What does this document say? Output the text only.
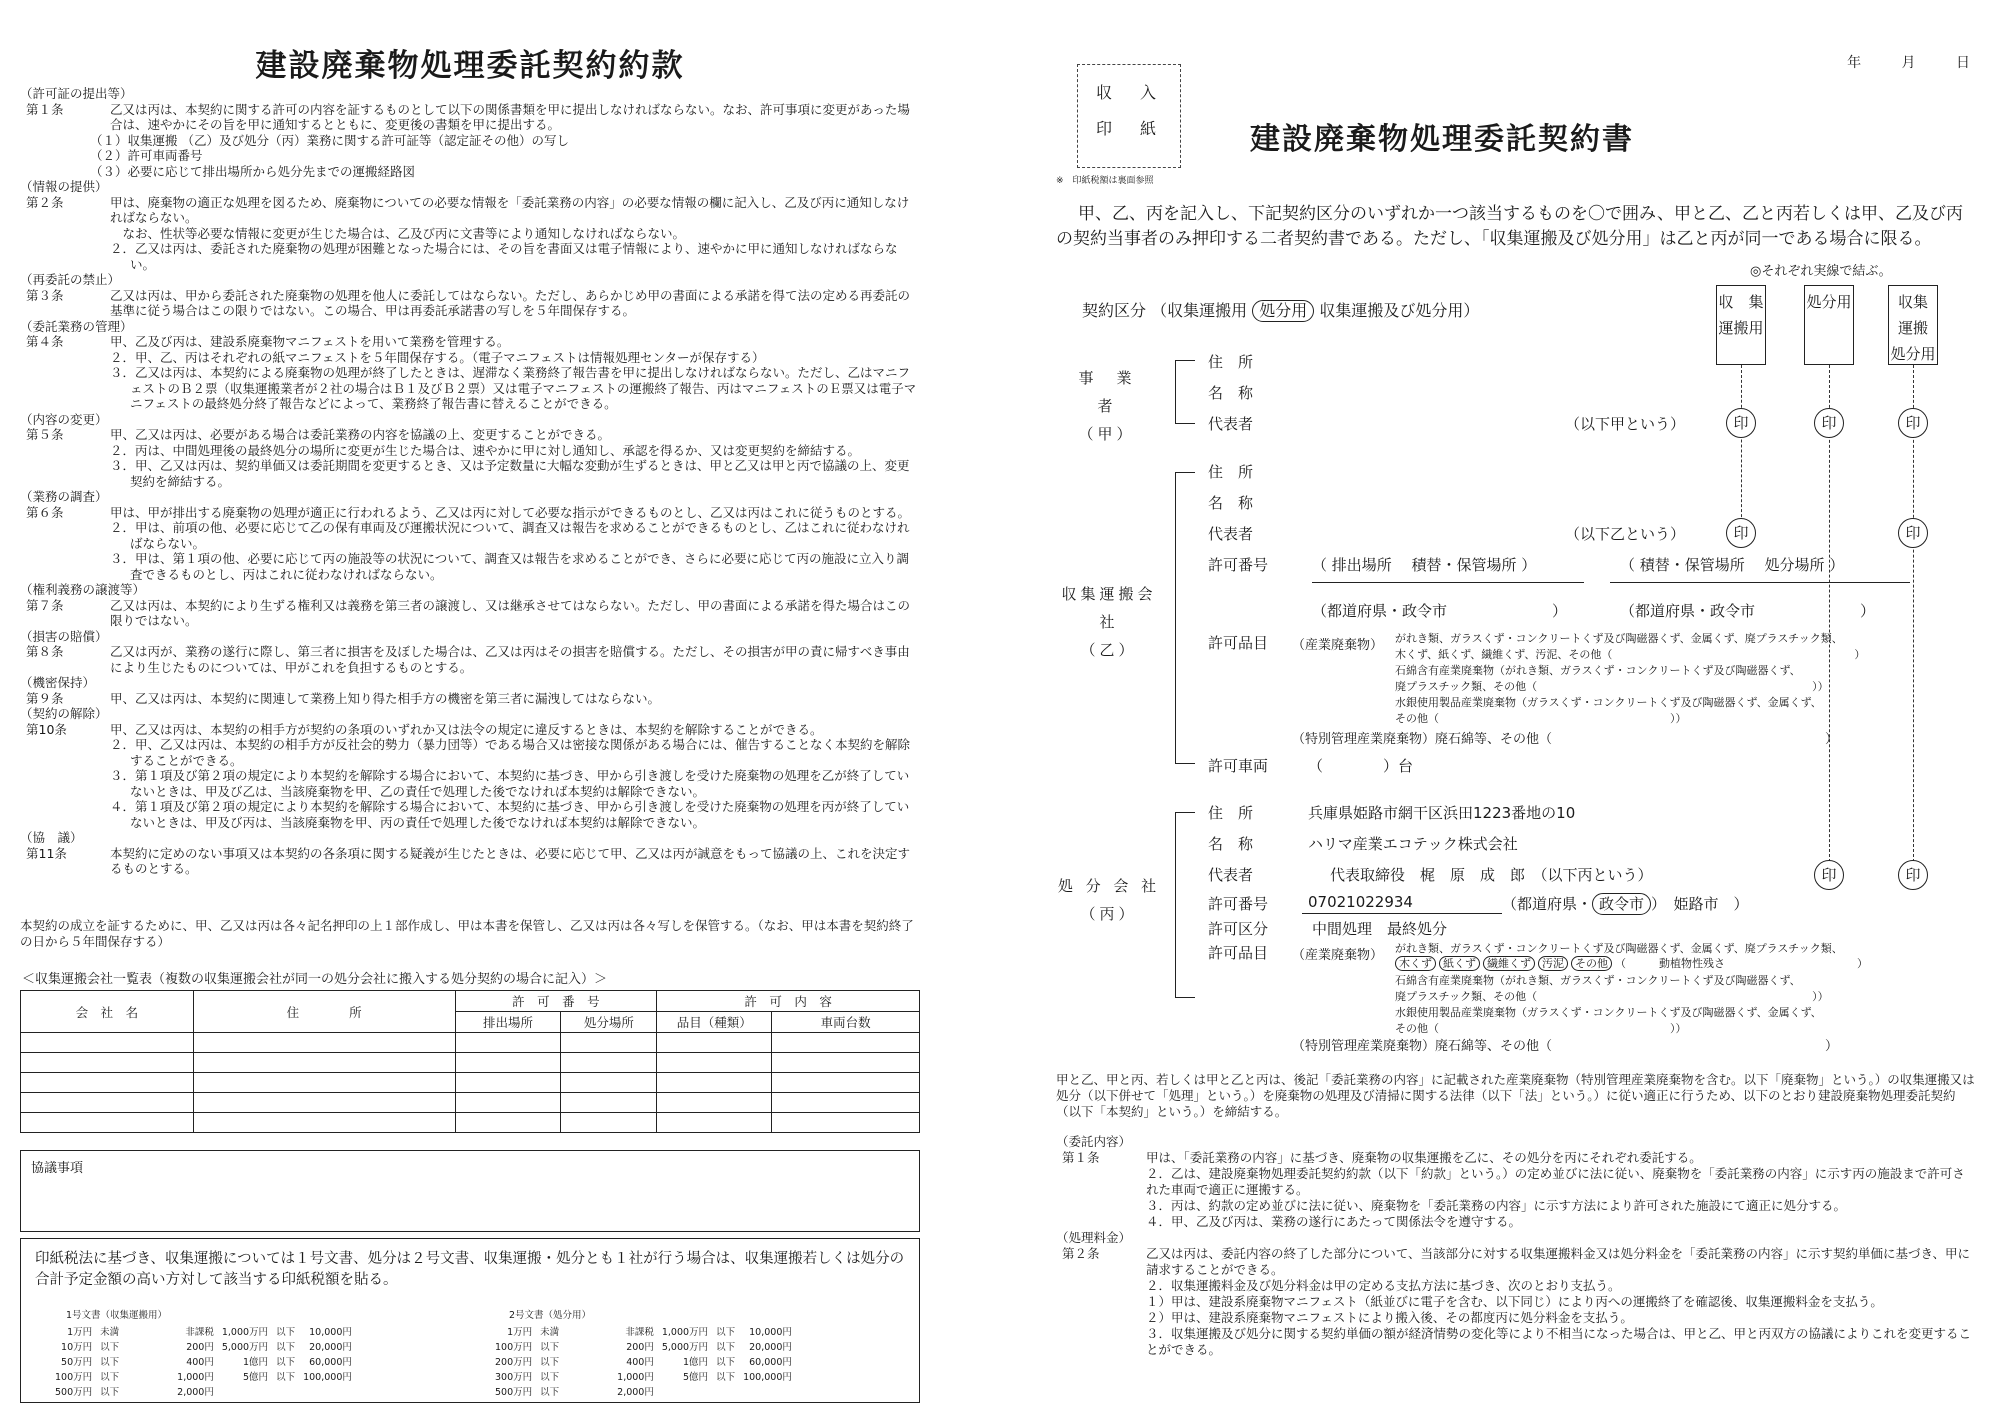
建設廃棄物処理委託契約約款
（許可証の提出等）
第１条	乙又は丙は、本契約に関する許可の内容を証するものとして以下の関係書類を甲に提出しなければならない。なお、許可事項に変更があった場合は、速やかにその旨を甲に通知するとともに、変更後の書類を甲に提出する。
（１）収集運搬 （乙）及び処分（丙）業務に関する許可証等（認定証その他）の写し
（２）許可車両番号
（３）必要に応じて排出場所から処分先までの運搬経路図
（情報の提供）
第２条	甲は、廃棄物の適正な処理を図るため、廃棄物についての必要な情報を「委託業務の内容」の必要な情報の欄に記入し、乙及び丙に通知しなければならない。
　なお、性状等必要な情報に変更が生じた場合は、乙及び丙に文書等により通知しなければならない。
２．乙又は丙は、委託された廃棄物の処理が困難となった場合には、その旨を書面又は電子情報により、速やかに甲に通知しなければならない。
（再委託の禁止）
第３条	乙又は丙は、甲から委託された廃棄物の処理を他人に委託してはならない。ただし、あらかじめ甲の書面による承諾を得て法の定める再委託の基準に従う場合はこの限りではない。この場合、甲は再委託承諾書の写しを５年間保存する。
（委託業務の管理）
第４条	甲、乙及び丙は、建設系廃棄物マニフェストを用いて業務を管理する。
２．甲、乙、丙はそれぞれの紙マニフェストを５年間保存する。（電子マニフェストは情報処理センターが保存する）
３．乙又は丙は、本契約による廃棄物の処理が終了したときは、遅滞なく業務終了報告書を甲に提出しなければならない。ただし、乙はマニフェストのＢ２票（収集運搬業者が２社の場合はＢ１及びＢ２票）又は電子マニフェストの運搬終了報告、丙はマニフェストのＥ票又は電子マニフェストの最終処分終了報告などによって、業務終了報告書に替えることができる。
（内容の変更）
第５条	甲、乙又は丙は、必要がある場合は委託業務の内容を協議の上、変更することができる。
２．丙は、中間処理後の最終処分の場所に変更が生じた場合は、速やかに甲に対し通知し、承認を得るか、又は変更契約を締結する。
３．甲、乙又は丙は、契約単価又は委託期間を変更するとき、又は予定数量に大幅な変動が生ずるときは、甲と乙又は甲と丙で協議の上、変更契約を締結する。
（業務の調査）
第６条	甲は、甲が排出する廃棄物の処理が適正に行われるよう、乙又は丙に対して必要な指示ができるものとし、乙又は丙はこれに従うものとする。
２．甲は、前項の他、必要に応じて乙の保有車両及び運搬状況について、調査又は報告を求めることができるものとし、乙はこれに従わなければならない。
３．甲は、第１項の他、必要に応じて丙の施設等の状況について、調査又は報告を求めることができ、さらに必要に応じて丙の施設に立入り調査できるものとし、丙はこれに従わなければならない。
（権利義務の譲渡等）
第７条	乙又は丙は、本契約により生ずる権利又は義務を第三者の譲渡し、又は継承させてはならない。ただし、甲の書面による承諾を得た場合はこの限りではない。
（損害の賠償）
第８条	乙又は丙が、業務の遂行に際し、第三者に損害を及ぼした場合は、乙又は丙はその損害を賠償する。ただし、その損害が甲の責に帰すべき事由により生じたものについては、甲がこれを負担するものとする。
（機密保持）
第９条	甲、乙又は丙は、本契約に関連して業務上知り得た相手方の機密を第三者に漏洩してはならない。
（契約の解除）
第10条	甲、乙又は丙は、本契約の相手方が契約の条項のいずれか又は法令の規定に違反するときは、本契約を解除することができる。
２．甲、乙又は丙は、本契約の相手方が反社会的勢力（暴力団等）である場合又は密接な関係がある場合には、催告することなく本契約を解除することができる。
３．第１項及び第２項の規定により本契約を解除する場合において、本契約に基づき、甲から引き渡しを受けた廃棄物の処理を乙が終了していないときは、甲及び乙は、当該廃棄物を甲、乙の責任で処理した後でなければ本契約は解除できない。
４．第１項及び第２項の規定により本契約を解除する場合において、本契約に基づき、甲から引き渡しを受けた廃棄物の処理を丙が終了していないときは、甲及び丙は、当該廃棄物を甲、丙の責任で処理した後でなければ本契約は解除できない。
（協　議）
第11条	本契約に定めのない事項又は本契約の各条項に関する疑義が生じたときは、必要に応じて甲、乙又は丙が誠意をもって協議の上、これを決定するものとする。
本契約の成立を証するために、甲、乙又は丙は各々記名押印の上１部作成し、甲は本書を保管し、乙又は丙は各々写しを保管する。（なお、甲は本書を契約終了の日から５年間保存する）
＜収集運搬会社一覧表（複数の収集運搬会社が同一の処分会社に搬入する処分契約の場合に記入）＞
会　社　名	住　　　　所	許　可　番　号		許　可　内　容	
		排出場所	処分場所	品目（種類）	車両台数

協議事項
印紙税法に基づき、収集運搬については１号文書、処分は２号文書、収集運搬・処分とも１社が行う場合は、収集運搬若しくは処分の合計予定金額の高い方対して該当する印紙税額を貼る。
1号文書（収集運搬用）
1万円	未満		非課税	1,000万円	以下	10,000円
10万円	以下		200円	5,000万円	以下	20,000円
50万円	以下		400円	1億円	以下	60,000円
100万円	以下		1,000円	5億円	以下	100,000円
500万円	以下		2,000円			
2号文書（処分用）
1万円	未満		非課税	1,000万円	以下	10,000円
100万円	以下		200円	5,000万円	以下	20,000円
200万円	以下		400円	1億円	以下	60,000円
300万円	以下		1,000円	5億円	以下	100,000円
500万円	以下		2,000円			
年	月	日
収　入
印　紙
※　印紙税額は裏面参照
建設廃棄物処理委託契約書
甲、乙、丙を記入し、下記契約区分のいずれか一つ該当するものを〇で囲み、甲と乙、乙と丙若しくは甲、乙及び丙の契約当事者のみ押印する二者契約書である。ただし、「収集運搬及び処分用」は乙と丙が同一である場合に限る。
◎それぞれ実線で結ぶ。
契約区分 （収集運搬用 処分用 収集運搬及び処分用）	収　集
運搬用
処分用	収集
運搬
処分用
印	印	印
印	印
印	印
事　業　者
（甲）
住　所
名　称
代表者	（以下甲という）
収集運搬会社
（乙）
住　所
名　称
代表者	（以下乙という）
許可番号	（ 排出場所　 積替・保管場所 ）	（ 積替・保管場所　 処分場所 ）
（都道府県・政令市　　　　　　　）	（都道府県・政令市　　　　　　　）
許可品目 （産業廃棄物） がれき類、ガラスくず・コンクリートくず及び陶磁器くず、金属くず、廃プラスチック類、
木くず、紙くず、繊維くず、汚泥、その他（　　　　　　　　　　　　　　　　　　　　　　）
石綿含有産業廃棄物（がれき類、ガラスくず・コンクリートくず及び陶磁器くず、
廃プラスチック類、その他（　　　　　　　　　　　　　　　　　　　　　　　　　））
水銀使用製品産業廃棄物（ガラスくず・コンクリートくず及び陶磁器くず、金属くず、
その他（　　　　　　　　　　　　　　　　　　　　　））
（特別管理産業廃棄物）廃石綿等、その他（　　　　　　　　　　　　　　　　　　　　　）
許可車両	（　　　　）台
処 分 会 社
（丙）
住　所	兵庫県姫路市網干区浜田1223番地の10
名　称	ハリマ産業エコテック株式会社
代表者	代表取締役　梶　原　成　郎　（以下丙という）
許可番号	07021022934	（都道府県・ 政令市 ）　姫路市　）
許可区分	中間処理　最終処分
許可品目 （産業廃棄物） がれき類、ガラスくず・コンクリートくず及び陶磁器くず、金属くず、廃プラスチック類、
木くず 紙くず 繊維くず 汚泥 その他 （　　　動植物性残さ　　　　　　　　　　　　）
石綿含有産業廃棄物（がれき類、ガラスくず・コンクリートくず及び陶磁器くず、
廃プラスチック類、その他（　　　　　　　　　　　　　　　　　　　　　　　　　））
水銀使用製品産業廃棄物（ガラスくず・コンクリートくず及び陶磁器くず、金属くず、
その他（　　　　　　　　　　　　　　　　　　　　　））
（特別管理産業廃棄物）廃石綿等、その他（　　　　　　　　　　　　　　　　　　　　　）
甲と乙、甲と丙、若しくは甲と乙と丙は、後記「委託業務の内容」に記載された産業廃棄物（特別管理産業廃棄物を含む。以下「廃棄物」という。）の収集運搬又は処分（以下併せて「処理」という。）を廃棄物の処理及び清掃に関する法律（以下「法」という。）に従い適正に行うため、以下のとおり建設廃棄物処理委託契約（以下「本契約」という。）を締結する。
（委託内容）
第１条	甲は、「委託業務の内容」に基づき、廃棄物の収集運搬を乙に、その処分を丙にそれぞれ委託する。
２．乙は、建設廃棄物処理委託契約約款（以下「約款」という。）の定め並びに法に従い、廃棄物を「委託業務の内容」に示す丙の施設まで許可された車両で適正に運搬する。
３．丙は、約款の定め並びに法に従い、廃棄物を「委託業務の内容」に示す方法により許可された施設にて適正に処分する。
４．甲、乙及び丙は、業務の遂行にあたって関係法令を遵守する。
（処理料金）
第２条	乙又は丙は、委託内容の終了した部分について、当該部分に対する収集運搬料金又は処分料金を「委託業務の内容」に示す契約単価に基づき、甲に請求することができる。
２．収集運搬料金及び処分料金は甲の定める支払方法に基づき、次のとおり支払う。
１）甲は、建設系廃棄物マニフェスト（紙並びに電子を含む、以下同じ）により丙への運搬終了を確認後、収集運搬料金を支払う。
２）甲は、建設系廃棄物マニフェストにより搬入後、その都度丙に処分料金を支払う。
３．収集運搬及び処分に関する契約単価の額が経済情勢の変化等により不相当になった場合は、甲と乙、甲と丙双方の協議によりこれを変更することができる。
